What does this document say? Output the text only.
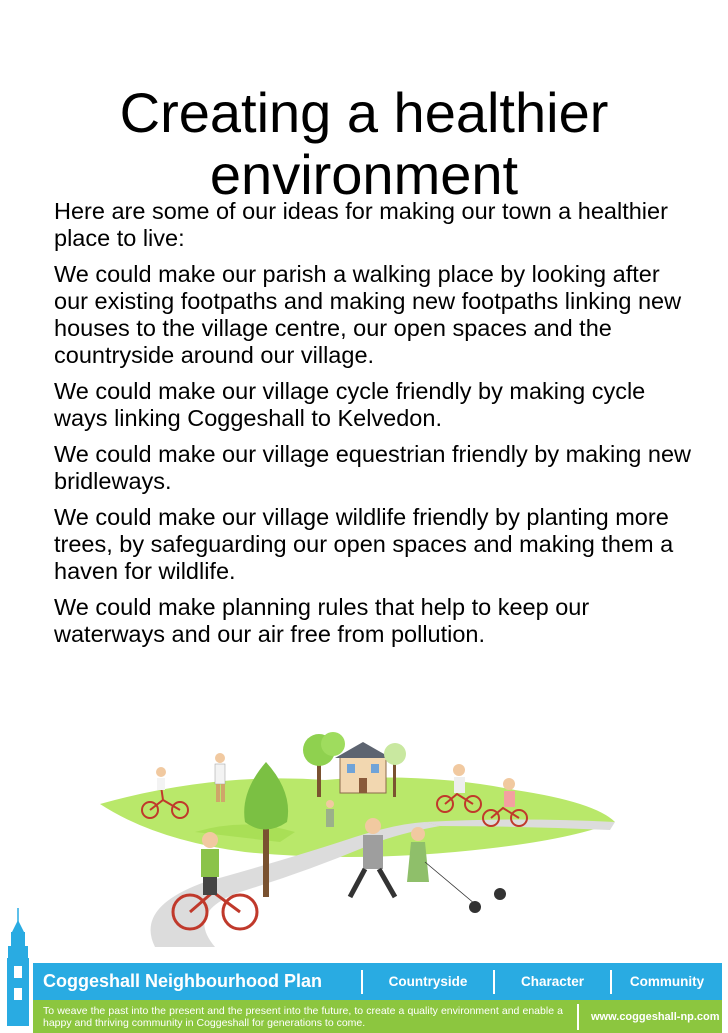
Creating a healthier
environment

Here are some of our ideas for making our town a healthier place to live:

We could make our parish a walking place by looking after our existing footpaths and making new footpaths linking new houses to the village centre, our open spaces and the countryside around our village.

We could make our village cycle friendly by making cycle ways linking Coggeshall to Kelvedon.

We could make our village equestrian friendly by making new bridleways.

We could make our village wildlife friendly by planting more trees, by safeguarding our open spaces and making them a haven for wildlife.

We could make planning rules that help to keep our waterways and our air free from pollution.

Coggeshall Neighbourhood Plan	Countryside	Character	Community
To weave the past into the present and the present into the future, to create a quality environment and enable a happy and thriving community in Coggeshall for generations to come.	www.coggeshall-np.com
